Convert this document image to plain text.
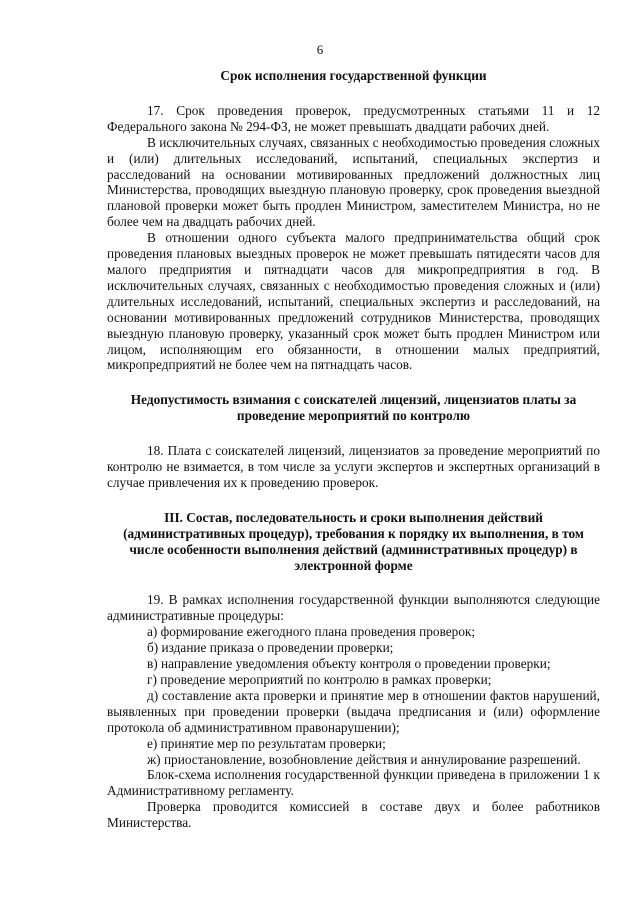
6
Срок исполнения государственной функции

17. Срок проведения проверок, предусмотренных статьями 11 и 12 Федерального закона № 294-ФЗ, не может превышать двадцати рабочих дней.

В исключительных случаях, связанных с необходимостью проведения сложных и (или) длительных исследований, испытаний, специальных экспертиз и расследований на основании мотивированных предложений должностных лиц Министерства, проводящих выездную плановую проверку, срок проведения выездной плановой проверки может быть продлен Министром, заместителем Министра, но не более чем на двадцать рабочих дней.

В отношении одного субъекта малого предпринимательства общий срок проведения плановых выездных проверок не может превышать пятидесяти часов для малого предприятия и пятнадцати часов для микропредприятия в год. В исключительных случаях, связанных с необходимостью проведения сложных и (или) длительных исследований, испытаний, специальных экспертиз и расследований, на основании мотивированных предложений сотрудников Министерства, проводящих выездную плановую проверку, указанный срок может быть продлен Министром или лицом, исполняющим его обязанности, в отношении малых предприятий, микропредприятий не более чем на пятнадцать часов.

Недопустимость взимания с соискателей лицензий, лицензиатов платы за проведение мероприятий по контролю

18. Плата с соискателей лицензий, лицензиатов за проведение мероприятий по контролю не взимается, в том числе за услуги экспертов и экспертных организаций в случае привлечения их к проведению проверок.

III. Состав, последовательность и сроки выполнения действий (административных процедур), требования к порядку их выполнения, в том числе особенности выполнения действий (административных процедур) в электронной форме

19. В рамках исполнения государственной функции выполняются следующие административные процедуры:

а) формирование ежегодного плана проведения проверок;

б) издание приказа о проведении проверки;

в) направление уведомления объекту контроля о проведении проверки;

г) проведение мероприятий по контролю в рамках проверки;

д) составление акта проверки и принятие мер в отношении фактов нарушений, выявленных при проведении проверки (выдача предписания и (или) оформление протокола об административном правонарушении);

е) принятие мер по результатам проверки;

ж) приостановление, возобновление действия и аннулирование разрешений.

Блок-схема исполнения государственной функции приведена в приложении 1 к Административному регламенту.

Проверка проводится комиссией в составе двух и более работников Министерства.
